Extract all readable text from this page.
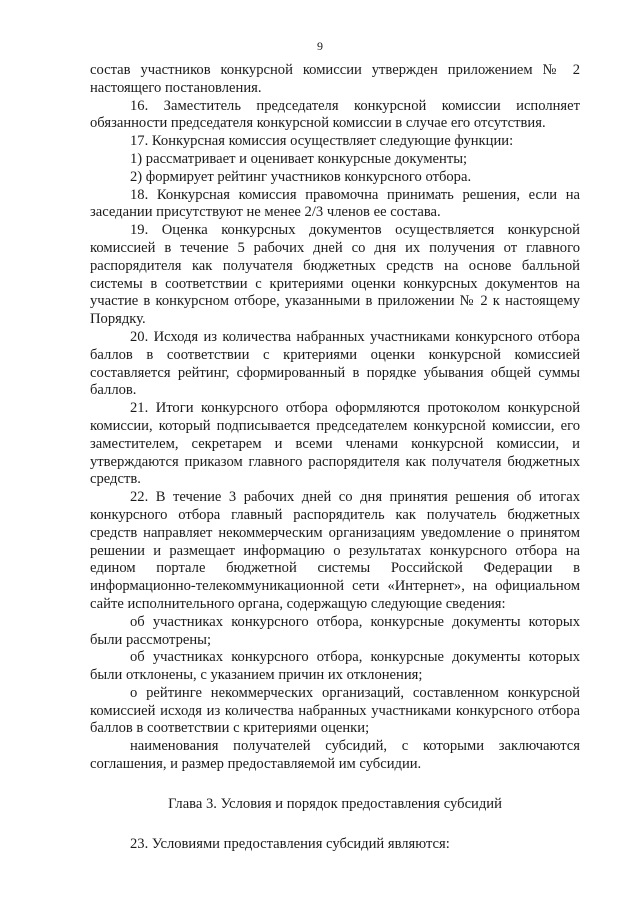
9

состав участников конкурсной комиссии утвержден приложением № 2 настоящего постановления.

16. Заместитель председателя конкурсной комиссии исполняет обязанности председателя конкурсной комиссии в случае его отсутствия.

17. Конкурсная комиссия осуществляет следующие функции:

1) рассматривает и оценивает конкурсные документы;

2) формирует рейтинг участников конкурсного отбора.

18. Конкурсная комиссия правомочна принимать решения, если на заседании присутствуют не менее 2/3 членов ее состава.

19. Оценка конкурсных документов осуществляется конкурсной комиссией в течение 5 рабочих дней со дня их получения от главного распорядителя как получателя бюджетных средств на основе балльной системы в соответствии с критериями оценки конкурсных документов на участие в конкурсном отборе, указанными в приложении № 2 к настоящему Порядку.

20. Исходя из количества набранных участниками конкурсного отбора баллов в соответствии с критериями оценки конкурсной комиссией составляется рейтинг, сформированный в порядке убывания общей суммы баллов.

21. Итоги конкурсного отбора оформляются протоколом конкурсной комиссии, который подписывается председателем конкурсной комиссии, его заместителем, секретарем и всеми членами конкурсной комиссии, и утверждаются приказом главного распорядителя как получателя бюджетных средств.

22. В течение 3 рабочих дней со дня принятия решения об итогах конкурсного отбора главный распорядитель как получатель бюджетных средств направляет некоммерческим организациям уведомление о принятом решении и размещает информацию о результатах конкурсного отбора на едином портале бюджетной системы Российской Федерации в информационно-телекоммуникационной сети «Интернет», на официальном сайте исполнительного органа, содержащую следующие сведения:

об участниках конкурсного отбора, конкурсные документы которых были рассмотрены;

об участниках конкурсного отбора, конкурсные документы которых были отклонены, с указанием причин их отклонения;

о рейтинге некоммерческих организаций, составленном конкурсной комиссией исходя из количества набранных участниками конкурсного отбора баллов в соответствии с критериями оценки;

наименования получателей субсидий, с которыми заключаются соглашения, и размер предоставляемой им субсидии.

Глава 3. Условия и порядок предоставления субсидий

23. Условиями предоставления субсидий являются:
